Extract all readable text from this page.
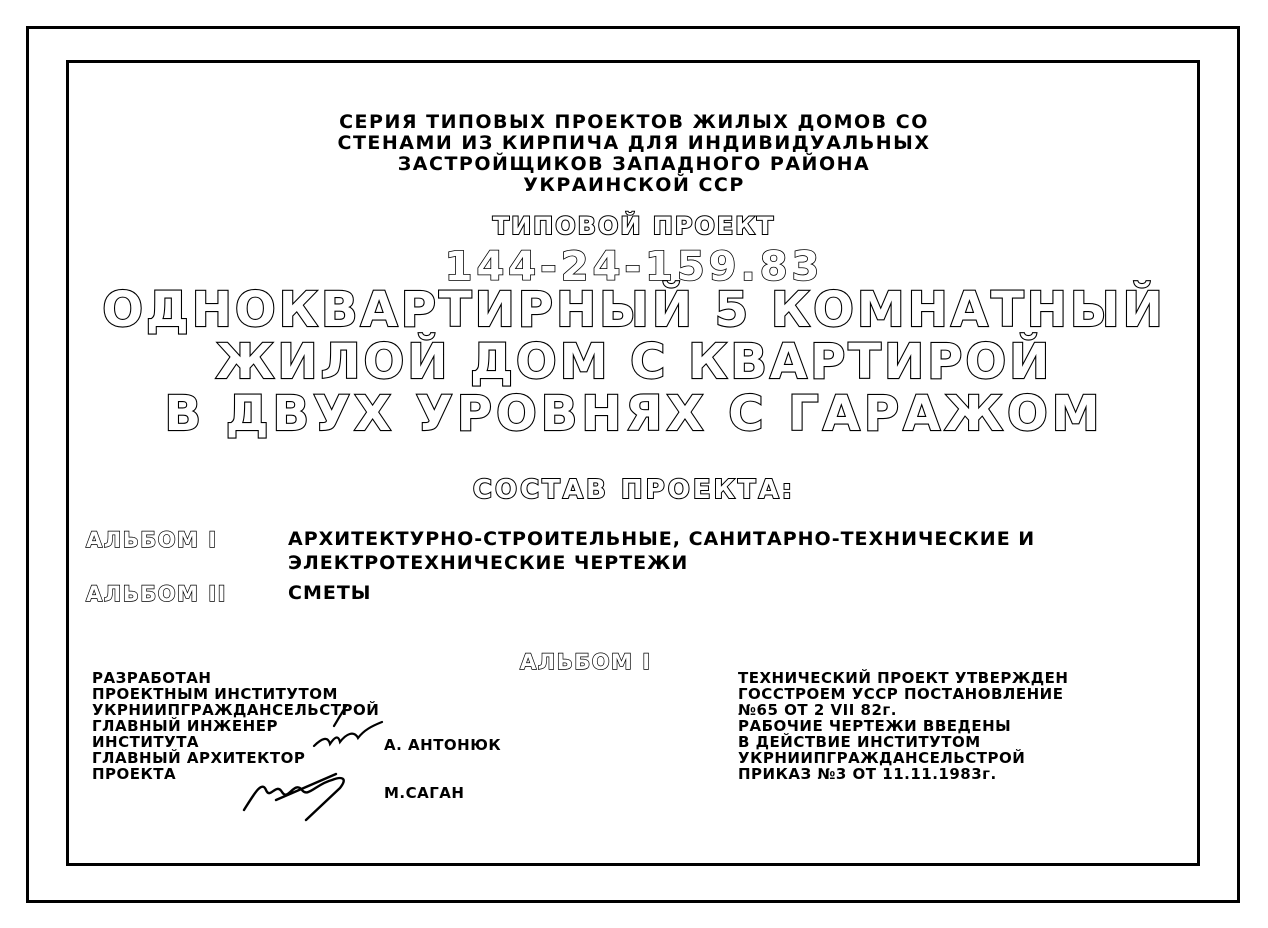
СЕРИЯ ТИПОВЫХ ПРОЕКТОВ ЖИЛЫХ ДОМОВ СО
СТЕНАМИ ИЗ КИРПИЧА ДЛЯ ИНДИВИДУАЛЬНЫХ
ЗАСТРОЙЩИКОВ ЗАПАДНОГО РАЙОНА
УКРАИНСКОЙ ССР
ТИПОВОЙ ПРОЕКТ
144-24-159.83
ОДНОКВАРТИРНЫЙ 5 КОМНАТНЫЙ
ЖИЛОЙ ДОМ С КВАРТИРОЙ
В ДВУХ УРОВНЯХ С ГАРАЖОМ
СОСТАВ ПРОЕКТА:
АЛЬБОМ I	АРХИТЕКТУРНО-СТРОИТЕЛЬНЫЕ, САНИТАРНО-ТЕХНИЧЕСКИЕ И
ЭЛЕКТРОТЕХНИЧЕСКИЕ ЧЕРТЕЖИ
АЛЬБОМ II	СМЕТЫ
АЛЬБОМ I
РАЗРАБОТАН
ПРОЕКТНЫМ ИНСТИТУТОМ
УКРНИИПГРАЖДАНСЕЛЬСТРОЙ
ГЛАВНЫЙ ИНЖЕНЕР
ИНСТИТУТА
ГЛАВНЫЙ АРХИТЕКТОР
ПРОЕКТА
А. АНТОНЮК
М.САГАН
ТЕХНИЧЕСКИЙ ПРОЕКТ УТВЕРЖДЕН
ГОССТРОЕМ УССР ПОСТАНОВЛЕНИЕ
№65 ОТ 2 VII 82г.
РАБОЧИЕ ЧЕРТЕЖИ ВВЕДЕНЫ
В ДЕЙСТВИЕ ИНСТИТУТОМ
УКРНИИПГРАЖДАНСЕЛЬСТРОЙ
ПРИКАЗ №3 ОТ 11.11.1983г.
